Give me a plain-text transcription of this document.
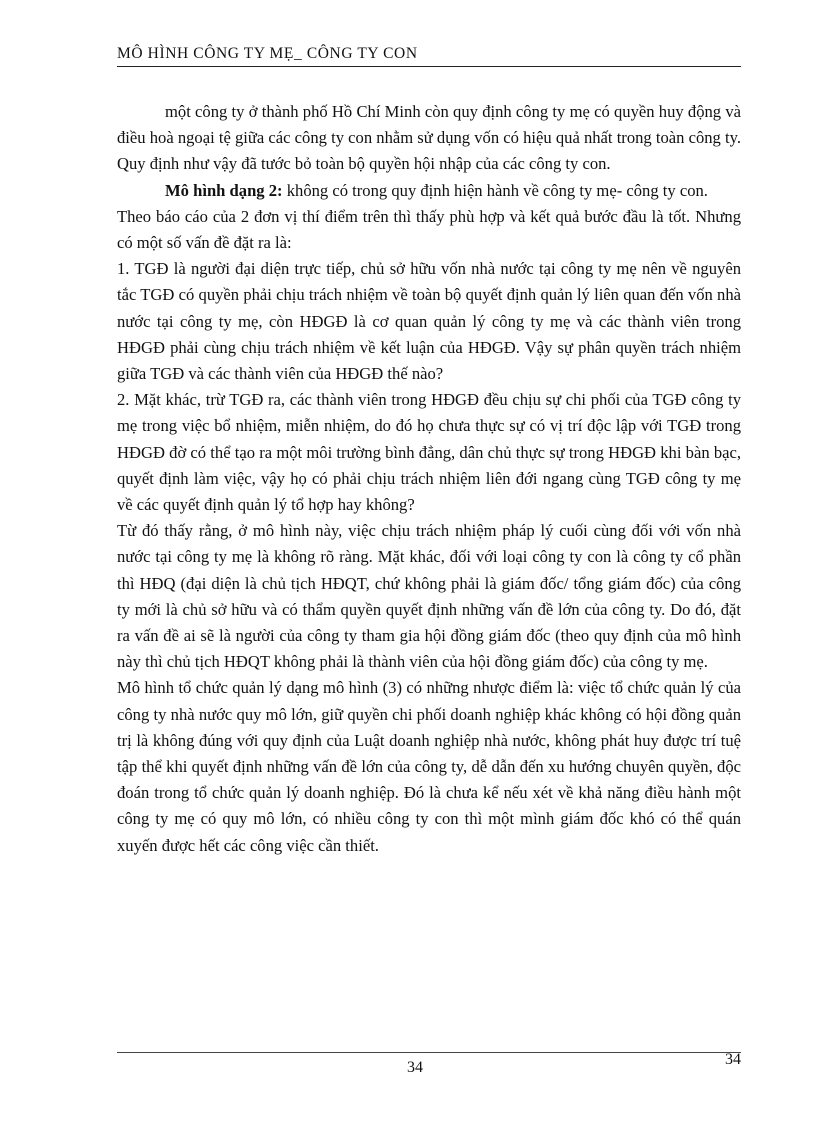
MÔ HÌNH CÔNG TY MẸ_ CÔNG TY CON

một công ty ở thành phố Hồ Chí Minh còn quy định công ty mẹ có quyền huy động và điều hoà ngoại tệ giữa các công ty con nhằm sử dụng vốn có hiệu quả nhất trong toàn công ty. Quy định như vậy đã tước bỏ toàn bộ quyền hội nhập của các công ty con.

Mô hình dạng 2: không có trong quy định hiện hành về công ty mẹ- công ty con.

Theo báo cáo của 2 đơn vị thí điểm trên thì thấy phù hợp và kết quả bước đầu là tốt. Nhưng có một số vấn đề đặt ra là:

1. TGĐ là người đại diện trực tiếp, chủ sở hữu vốn nhà nước tại công ty mẹ nên về nguyên tắc TGĐ có quyền phải chịu trách nhiệm về toàn bộ quyết định quản lý liên quan đến vốn nhà nước tại công ty mẹ, còn HĐGĐ là cơ quan quản lý công ty mẹ và các thành viên trong HĐGĐ phải cùng chịu trách nhiệm về kết luận của HĐGĐ. Vậy sự phân quyền trách nhiệm giữa TGĐ và các thành viên của HĐGĐ thế nào?

2. Mặt khác, trừ TGĐ ra, các thành viên trong HĐGĐ đều chịu sự chi phối của TGĐ công ty mẹ trong việc bổ nhiệm, miễn nhiệm, do đó họ chưa thực sự có vị trí độc lập với TGĐ trong HĐGĐ đờ có thể tạo ra một môi trường bình đẳng, dân chủ thực sự trong HĐGĐ khi bàn bạc, quyết định làm việc, vậy họ có phải chịu trách nhiệm liên đới ngang cùng TGĐ công ty mẹ về các quyết định quản lý tổ hợp hay không?

Từ đó thấy rằng, ở mô hình này, việc chịu trách nhiệm pháp lý cuối cùng đối với vốn nhà nước tại công ty mẹ là không rõ ràng. Mặt khác, đối với loại công ty con là công ty cổ phần thì HĐQ (đại diện là chủ tịch HĐQT, chứ không phải là giám đốc/ tổng giám đốc) của công ty mới là chủ sở hữu và có thẩm quyền quyết định những vấn đề lớn của công ty. Do đó, đặt ra vấn đề ai sẽ là người của công ty tham gia hội đồng giám đốc (theo quy định của mô hình này thì chủ tịch HĐQT không phải là thành viên của hội đồng giám đốc) của công ty mẹ.

Mô hình tổ chức quản lý dạng mô hình (3) có những nhược điểm là: việc tổ chức quản lý của công ty nhà nước quy mô lớn, giữ quyền chi phối doanh nghiệp khác không có hội đồng quản trị là không đúng với quy định của Luật doanh nghiệp nhà nước, không phát huy được trí tuệ tập thể khi quyết định những vấn đề lớn của công ty, dễ dẫn đến xu hướng chuyên quyền, độc đoán trong tổ chức quản lý doanh nghiệp. Đó là chưa kể nếu xét về khả năng điều hành một công ty mẹ có quy mô lớn, có nhiều công ty con thì một mình giám đốc khó có thể quán xuyến được hết các công việc cần thiết.

34	34
